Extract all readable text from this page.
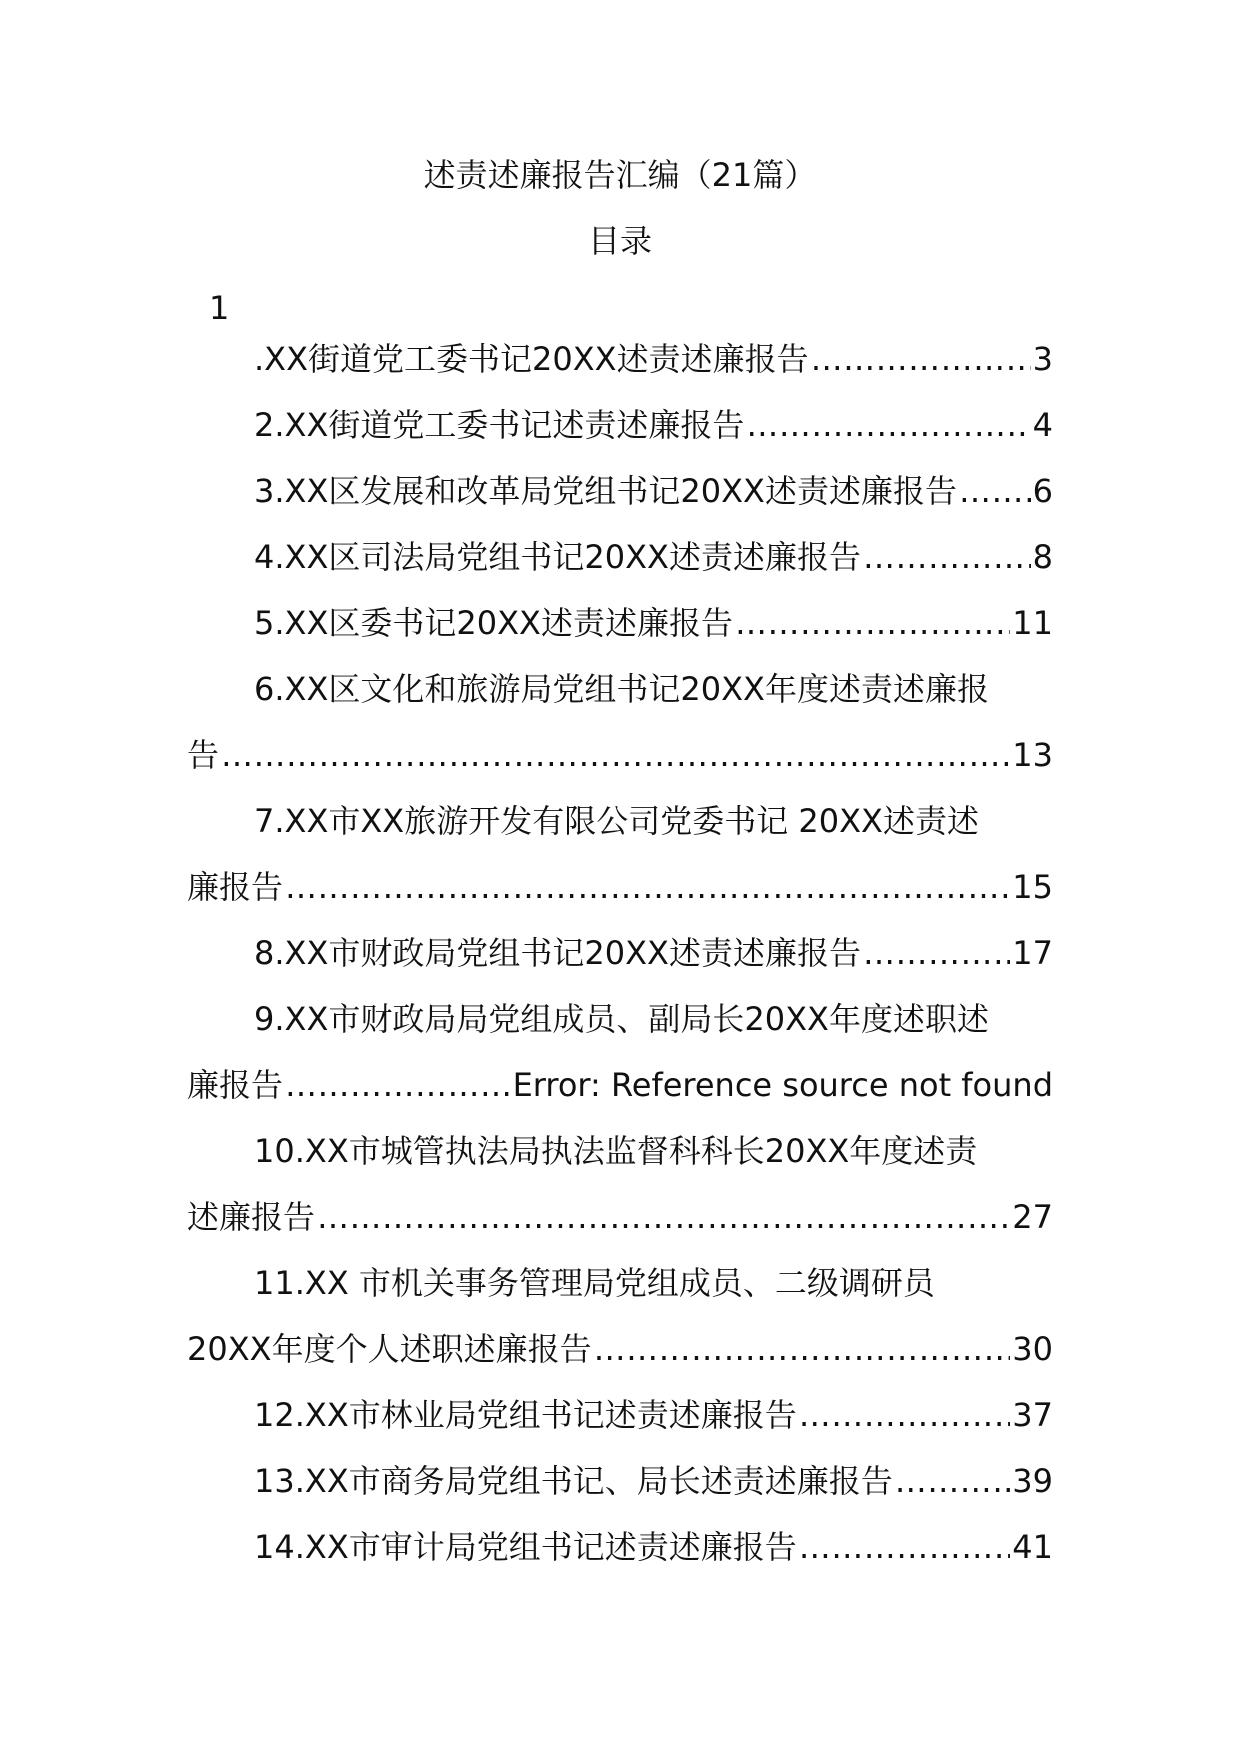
述责述廉报告汇编（21篇）
目录
1
.XX街道党工委书记20XX述责述廉报告 ………………………………………………………………………………………………………………………………………………………………	3
2.XX街道党工委书记述责述廉报告 ………………………………………………………………………………………………………………………………………………………………	4
3.XX区发展和改革局党组书记20XX述责述廉报告 ……………………………………………………………………………………………………………………………………………………………… 6
4.XX区司法局党组书记20XX述责述廉报告 ………………………………………………………………………………………………………………………………………………………………	8
5.XX区委书记20XX述责述廉报告 ………………………………………………………………………………………………………………………………………………………………	11
6.XX区文化和旅游局党组书记20XX年度述责述廉报
告 ………………………………………………………………………………………………………………………………………………………………	13
7.XX市XX旅游开发有限公司党委书记 20XX述责述
廉报告 ………………………………………………………………………………………………………………………………………………………………	15
8.XX市财政局党组书记20XX述责述廉报告 ………………………………………………………………………………………………………………………………………………………………	17
9.XX市财政局局党组成员、副局长20XX年度述职述
廉报告 ………………………………………………………………………………………………………………………………………………………………	Error: Reference source not found
10.XX市城管执法局执法监督科科长20XX年度述责
述廉报告 ………………………………………………………………………………………………………………………………………………………………	27
11.XX 市机关事务管理局党组成员、二级调研员
20XX年度个人述职述廉报告 ………………………………………………………………………………………………………………………………………………………………	30
12.XX市林业局党组书记述责述廉报告 ………………………………………………………………………………………………………………………………………………………………	37
13.XX市商务局党组书记、局长述责述廉报告 ………………………………………………………………………………………………………………………………………………………………	39
14.XX市审计局党组书记述责述廉报告 ………………………………………………………………………………………………………………………………………………………………	41
